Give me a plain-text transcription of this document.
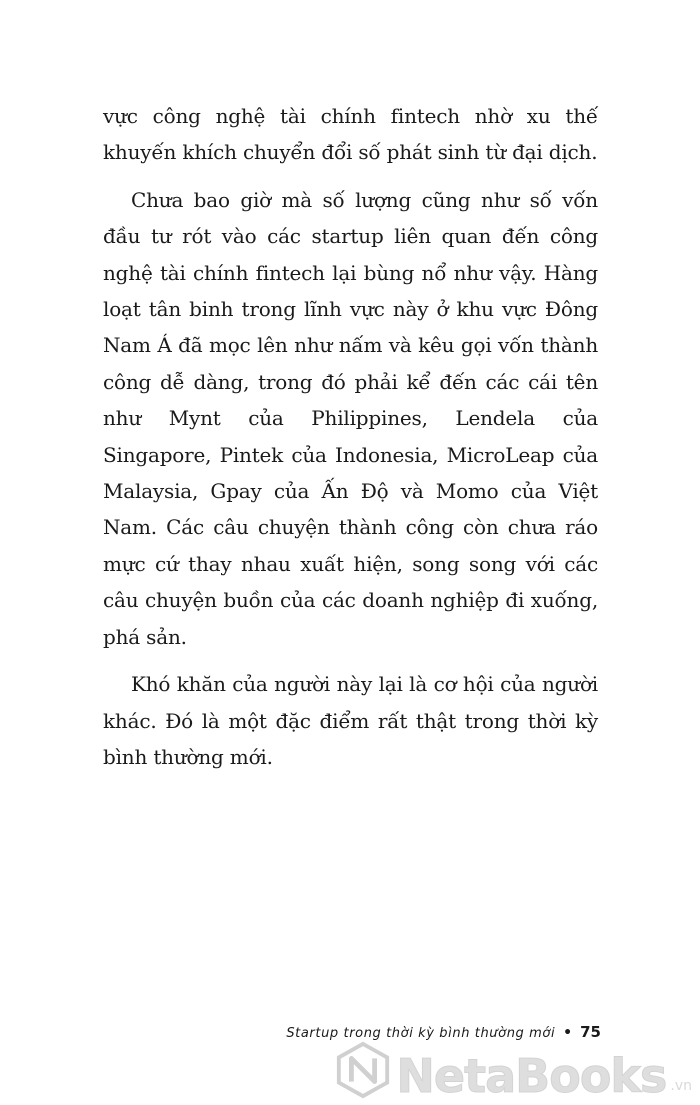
vực công nghệ tài chính fintech nhờ xu thế khuyến khích chuyển đổi số phát sinh từ đại dịch.

Chưa bao giờ mà số lượng cũng như số vốn đầu tư rót vào các startup liên quan đến công nghệ tài chính fintech lại bùng nổ như vậy. Hàng loạt tân binh trong lĩnh vực này ở khu vực Đông Nam Á đã mọc lên như nấm và kêu gọi vốn thành công dễ dàng, trong đó phải kể đến các cái tên như Mynt của Philippines, Lendela của Singapore, Pintek của Indonesia, MicroLeap của Malaysia, Gpay của Ấn Độ và Momo của Việt Nam. Các câu chuyện thành công còn chưa ráo mực cứ thay nhau xuất hiện, song song với các câu chuyện buồn của các doanh nghiệp đi xuống, phá sản.

Khó khăn của người này lại là cơ hội của người khác. Đó là một đặc điểm rất thật trong thời kỳ bình thường mới.

Startup trong thời kỳ bình thường mới • 75
NetaBooks .vn
